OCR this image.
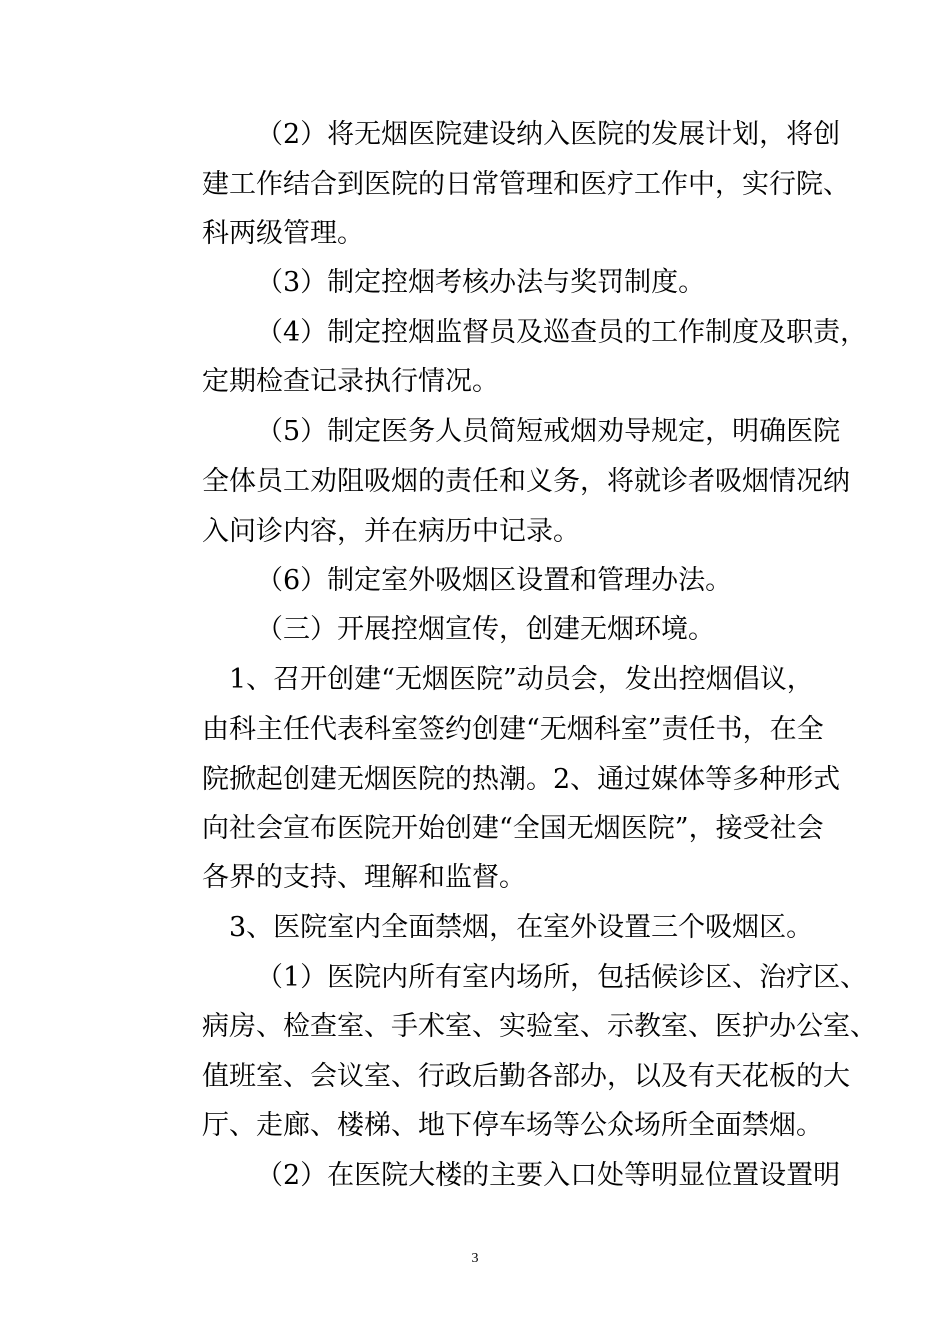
（2）将无烟医院建设纳入医院的发展计划，将创
建工作结合到医院的日常管理和医疗工作中，实行院、
科两级管理。
（3）制定控烟考核办法与奖罚制度。
（4）制定控烟监督员及巡查员的工作制度及职责，
定期检查记录执行情况。
（5）制定医务人员简短戒烟劝导规定，明确医院
全体员工劝阻吸烟的责任和义务，将就诊者吸烟情况纳
入问诊内容，并在病历中记录。
（6）制定室外吸烟区设置和管理办法。
（三）开展控烟宣传，创建无烟环境。
1、召开创建“无烟医院”动员会，发出控烟倡议，
由科主任代表科室签约创建“无烟科室”责任书，在全
院掀起创建无烟医院的热潮。2、通过媒体等多种形式
向社会宣布医院开始创建“全国无烟医院”，接受社会
各界的支持、理解和监督。
3、医院室内全面禁烟，在室外设置三个吸烟区。
（1）医院内所有室内场所，包括候诊区、治疗区、
病房、检查室、手术室、实验室、示教室、医护办公室、
值班室、会议室、行政后勤各部办，以及有天花板的大
厅、走廊、楼梯、地下停车场等公众场所全面禁烟。
（2）在医院大楼的主要入口处等明显位置设置明
3
